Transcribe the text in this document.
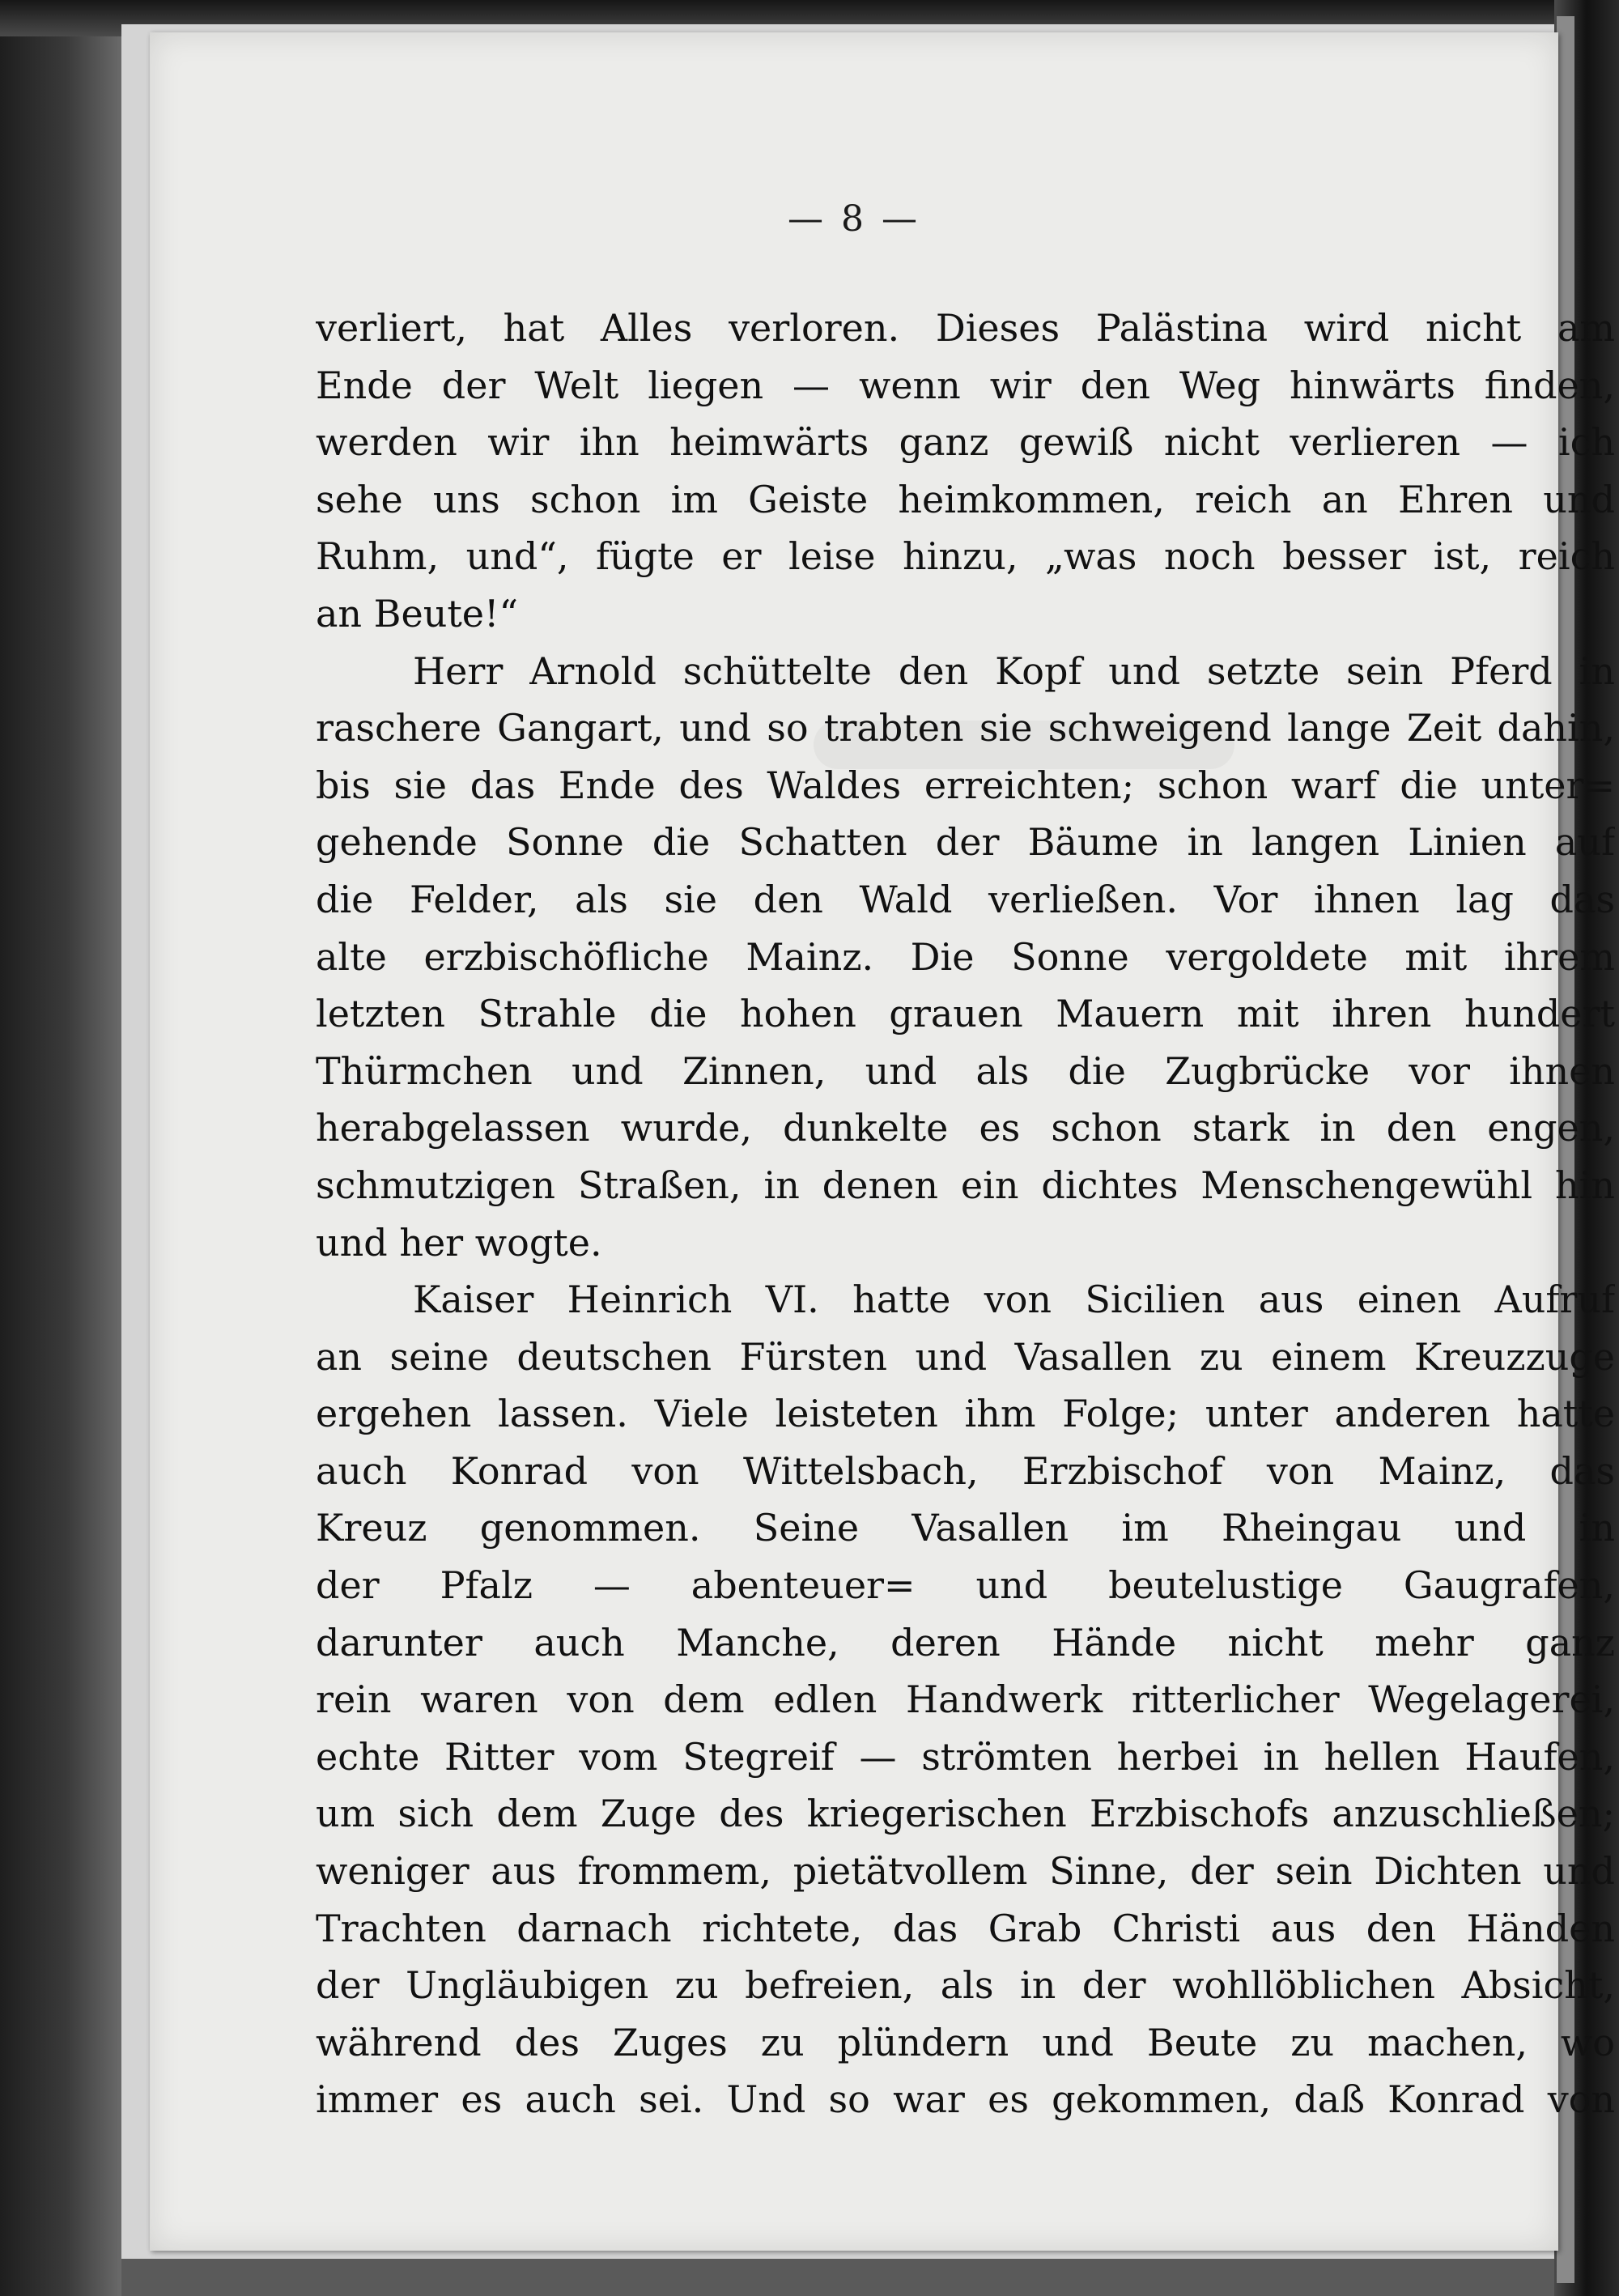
— 8 —
verliert, hat Alles verloren. Dieses Palästina wird nicht am
Ende der Welt liegen — wenn wir den Weg hinwärts finden,
werden wir ihn heimwärts ganz gewiß nicht verlieren — ich
sehe uns schon im Geiste heimkommen, reich an Ehren und
Ruhm, und“, fügte er leise hinzu, „was noch besser ist, reich
an Beute!“
Herr Arnold schüttelte den Kopf und setzte sein Pferd in
raschere Gangart, und so trabten sie schweigend lange Zeit dahin,
bis sie das Ende des Waldes erreichten; schon warf die unter=
gehende Sonne die Schatten der Bäume in langen Linien auf
die Felder, als sie den Wald verließen. Vor ihnen lag das
alte erzbischöfliche Mainz. Die Sonne vergoldete mit ihrem
letzten Strahle die hohen grauen Mauern mit ihren hundert
Thürmchen und Zinnen, und als die Zugbrücke vor ihnen
herabgelassen wurde, dunkelte es schon stark in den engen,
schmutzigen Straßen, in denen ein dichtes Menschengewühl hin
und her wogte.
Kaiser Heinrich VI. hatte von Sicilien aus einen Aufruf
an seine deutschen Fürsten und Vasallen zu einem Kreuzzuge
ergehen lassen. Viele leisteten ihm Folge; unter anderen hatte
auch Konrad von Wittelsbach, Erzbischof von Mainz, das
Kreuz genommen. Seine Vasallen im Rheingau und in
der Pfalz — abenteuer= und beutelustige Gaugrafen,
darunter auch Manche, deren Hände nicht mehr ganz
rein waren von dem edlen Handwerk ritterlicher Wegelagerei,
echte Ritter vom Stegreif — strömten herbei in hellen Haufen,
um sich dem Zuge des kriegerischen Erzbischofs anzuschließen;
weniger aus frommem, pietätvollem Sinne, der sein Dichten und
Trachten darnach richtete, das Grab Christi aus den Händen
der Ungläubigen zu befreien, als in der wohllöblichen Absicht,
während des Zuges zu plündern und Beute zu machen, wo
immer es auch sei. Und so war es gekommen, daß Konrad von
